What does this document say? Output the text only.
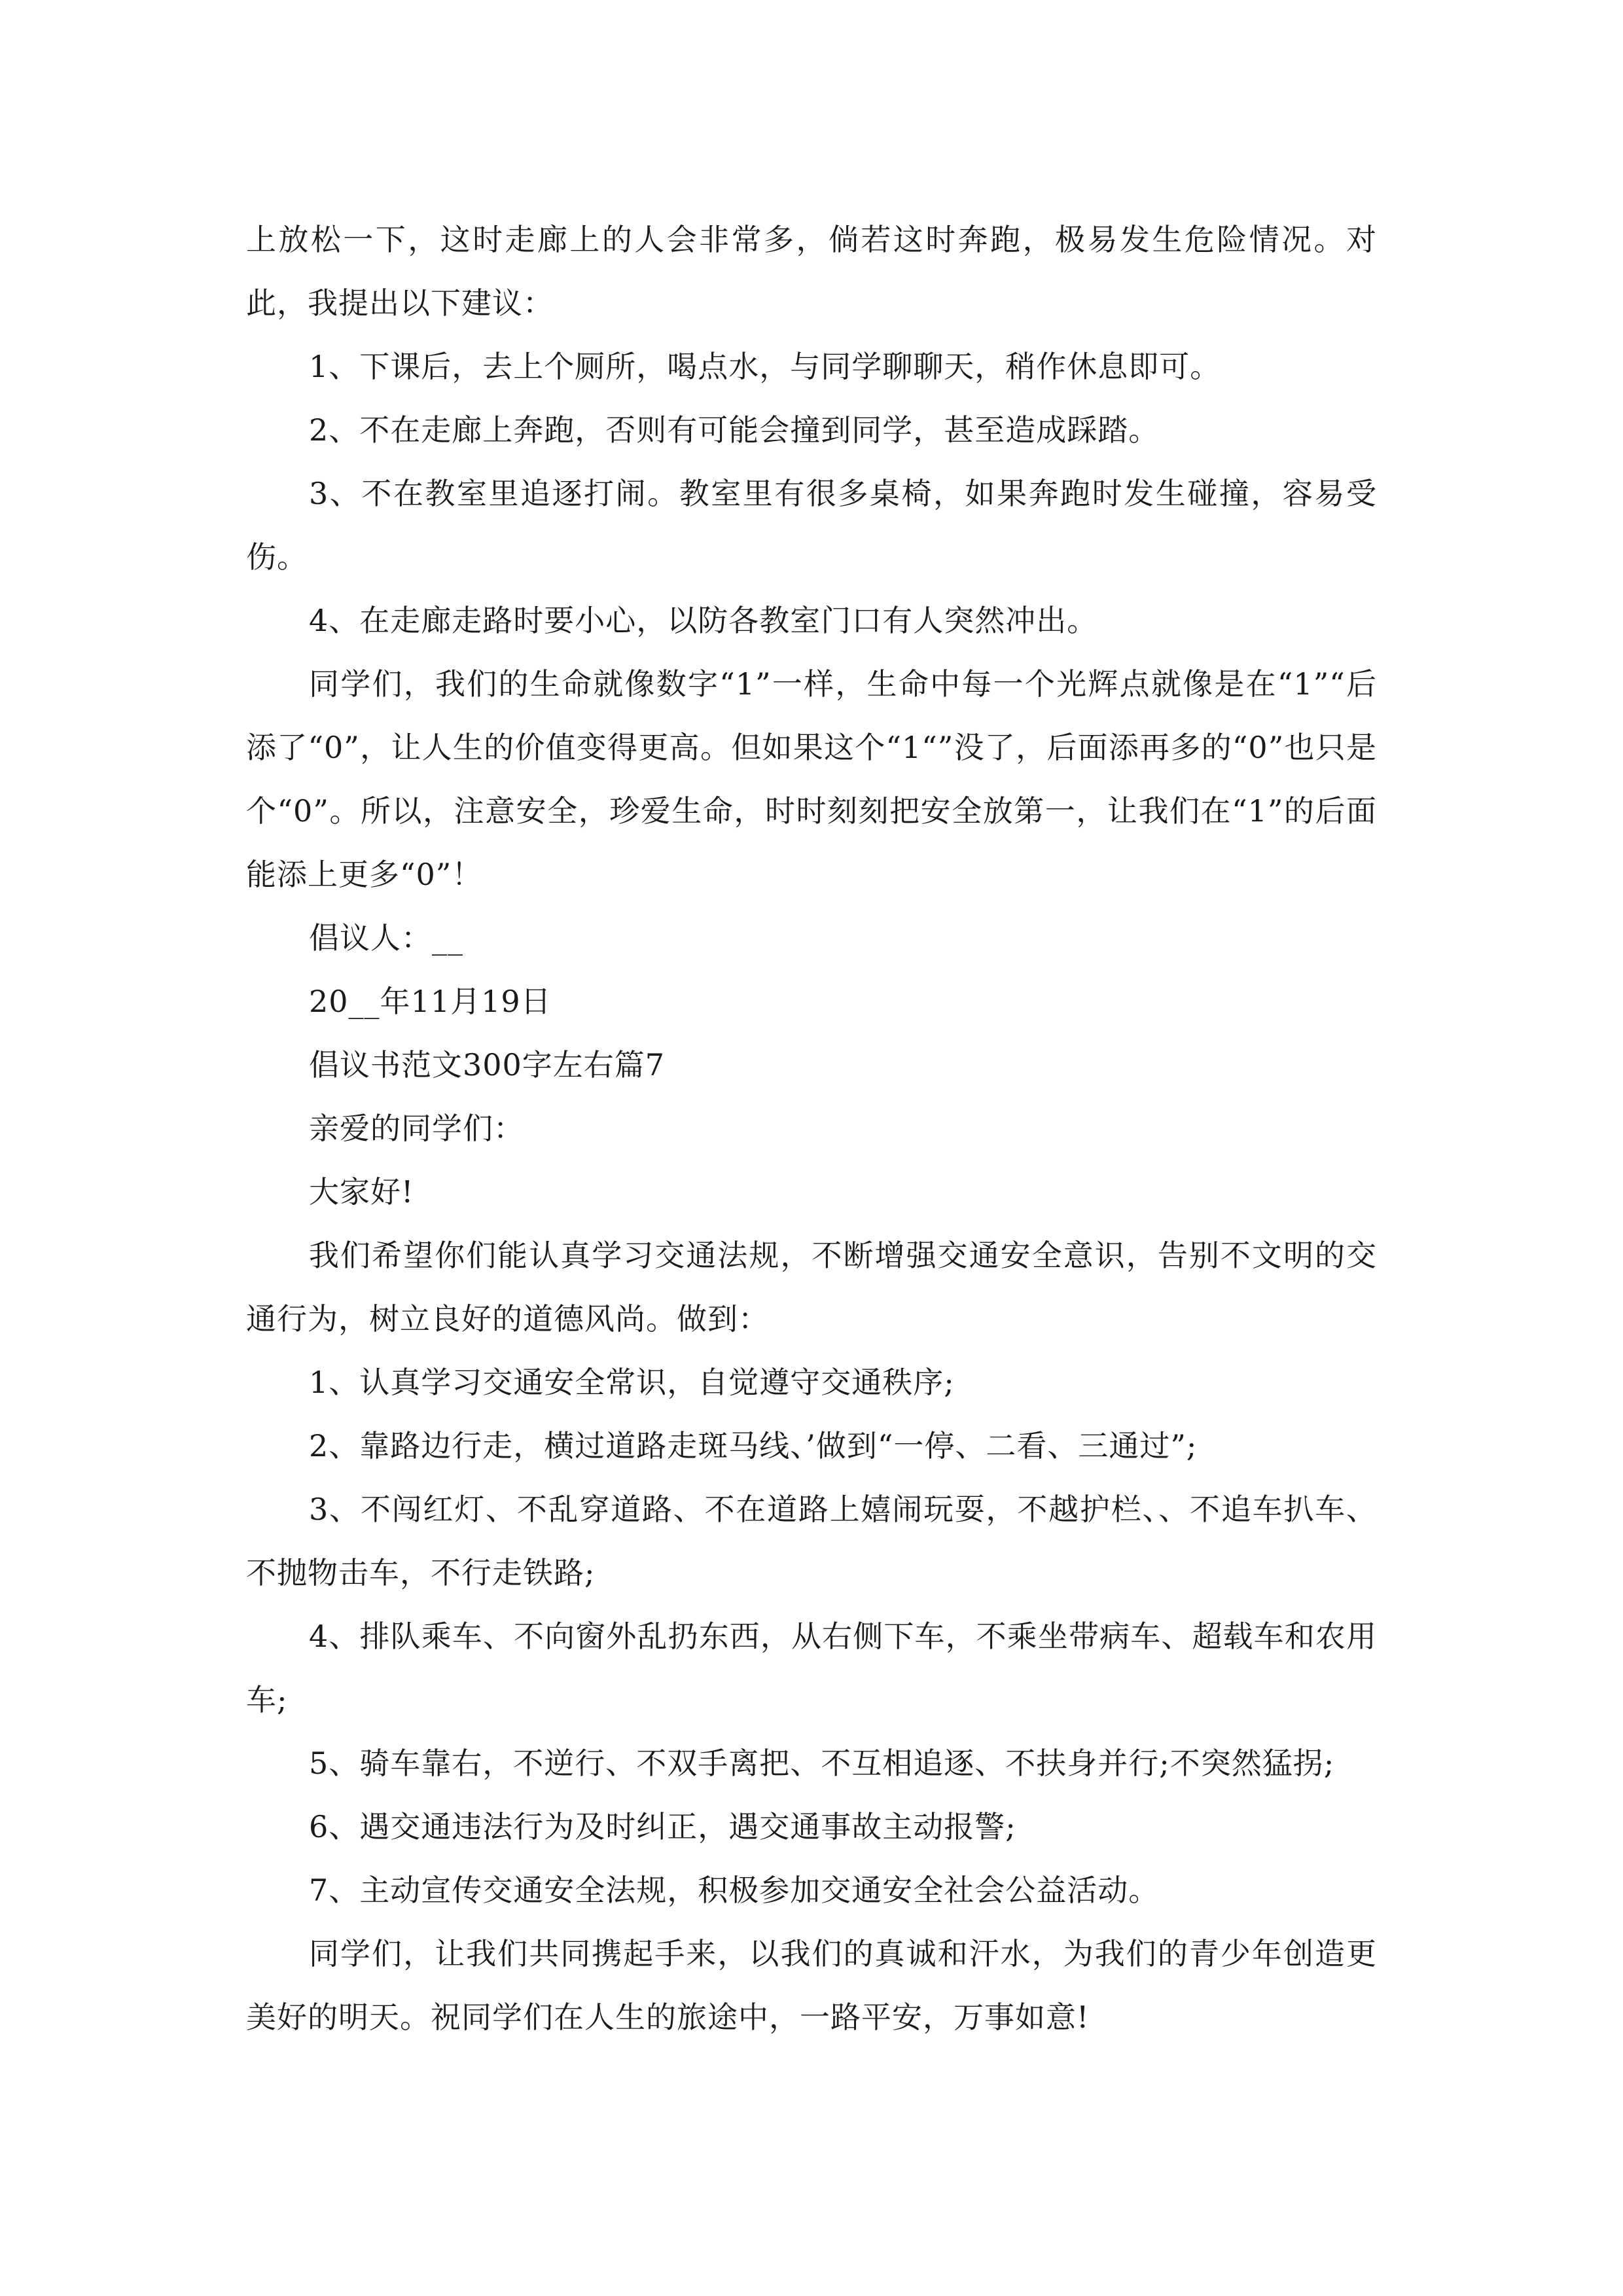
上放松一下，这时走廊上的人会非常多，倘若这时奔跑，极易发生危险情况。对此，我提出以下建议：

1、下课后，去上个厕所，喝点水，与同学聊聊天，稍作休息即可。

2、不在走廊上奔跑，否则有可能会撞到同学，甚至造成踩踏。

3、不在教室里追逐打闹。教室里有很多桌椅，如果奔跑时发生碰撞，容易受伤。

4、在走廊走路时要小心，以防各教室门口有人突然冲出。

同学们，我们的生命就像数字“1”一样，生命中每一个光辉点就像是在“1”“后添了“0”，让人生的价值变得更高。但如果这个“1“”没了，后面添再多的“0”也只是个“0”。所以，注意安全，珍爱生命，时时刻刻把安全放第一，让我们在“1”的后面能添上更多“0”！

倡议人：__

20__年11月19日

倡议书范文300字左右篇7

亲爱的同学们：

大家好!

我们希望你们能认真学习交通法规，不断增强交通安全意识，告别不文明的交通行为，树立良好的道德风尚。做到：

1、认真学习交通安全常识，自觉遵守交通秩序;

2、靠路边行走，横过道路走斑马线、’做到“一停、二看、三通过”;

3、不闯红灯、不乱穿道路、不在道路上嬉闹玩耍，不越护栏、、不追车扒车、不抛物击车，不行走铁路;

4、排队乘车、不向窗外乱扔东西，从右侧下车，不乘坐带病车、超载车和农用车;

5、骑车靠右，不逆行、不双手离把、不互相追逐、不扶身并行;不突然猛拐;

6、遇交通违法行为及时纠正，遇交通事故主动报警;

7、主动宣传交通安全法规，积极参加交通安全社会公益活动。

同学们，让我们共同携起手来，以我们的真诚和汗水，为我们的青少年创造更美好的明天。祝同学们在人生的旅途中，一路平安，万事如意!
